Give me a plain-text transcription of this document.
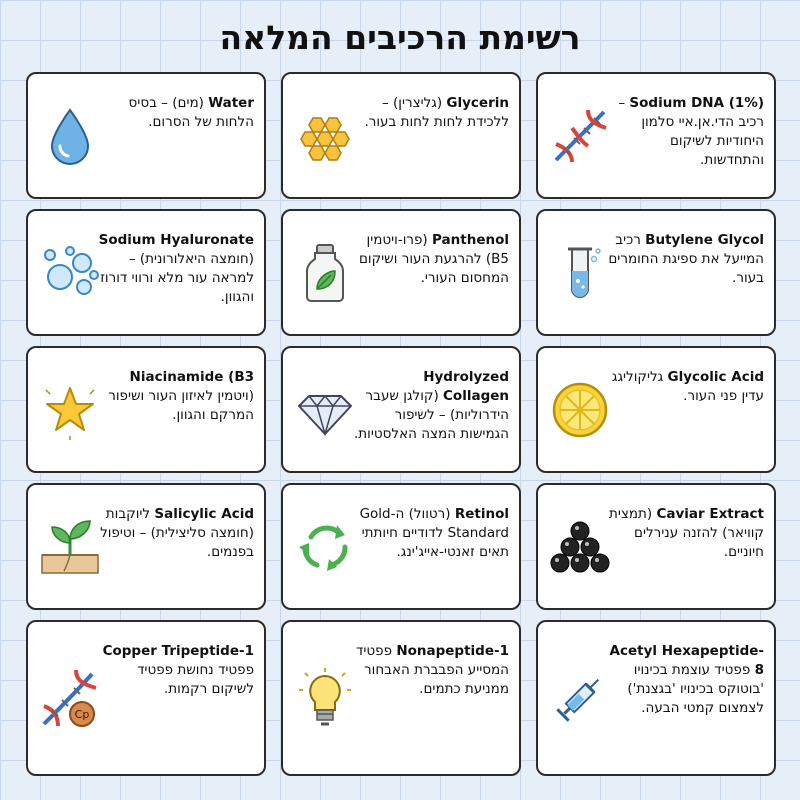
רשימת הרכיבים המלאה
Water (מים) – בסיס הלחות של הסרום.
Glycerin (גליצרין) – ללכידת לחות לחות בעור.
Sodium DNA (1%) – רכיב הדי.אן.איי סלמון היחודיות לשיקום והתחדשות.
Sodium Hyaluronate (חומצה היאלורונית) – למראה עור מלא ורווי דורוז והגוון.
Panthenol (פרו-ויטמין B5) להרגעת העור ושיקום המחסום העורי.
Butylene Glycol רכיב המייעל את ספיגת החומרים בעור.
Niacinamide (B3 (ויטמין לאיזון העור ושיפור המרקם והגוון.
Hydrolyzed Collagen (קולגן שעבר הידרוליות) – לשיפור הגמישות המצה האלסטיות.
Glycolic Acid גליקוליגג עדין פני העור.
Salicylic Acid ליוקבות (חומצה סליצילית) – וטיפול בפנמים.
Retinol (רטוול) ה-Gold Standard לדודיים חיותתי תאים זאנטי-אייג'ינג.
Caviar Extract (תמצית קוויאר) להזנה ענירלים חיוניים.
Cp
Copper Tripeptide-1 פפטיד נחושת פפטיד לשיקום רקמות.
Nonapeptide-1 פפטיד המסייע הפבברת האבחור ממניעת כתמים.
Acetyl Hexapeptide-8 פפטיד עוצמת בכינויו 'בוטוקס בכינויו 'בגצנת') לצמצום קמטי הבעה.
